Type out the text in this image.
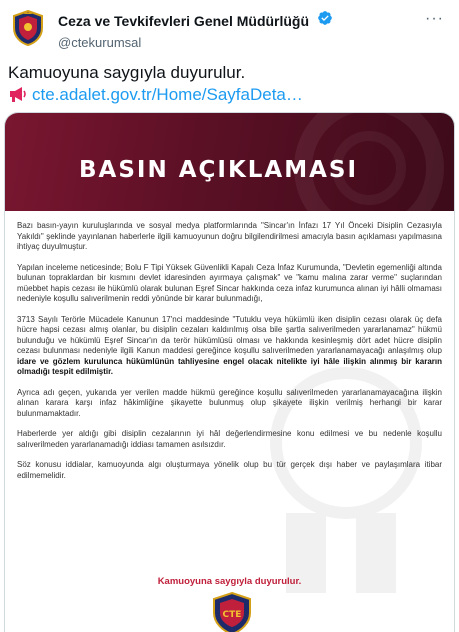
Ceza ve Tevkifevleri Genel Müdürlüğü
@ctekurumsal
···
Kamuoyuna saygıyla duyurulur.
cte.adalet.gov.tr/Home/SayfaDeta…
BASIN AÇIKLAMASI

Bazı basın-yayın kuruluşlarında ve sosyal medya platformlarında "Sincar'ın İnfazı 17 Yıl Önceki Disiplin Cezasıyla Yakıldı" şeklinde yayınlanan haberlerle ilgili kamuoyunun doğru bilgilendirilmesi amacıyla basın açıklaması yapılmasına ihtiyaç duyulmuştur.

Yapılan inceleme neticesinde; Bolu F Tipi Yüksek Güvenlikli Kapalı Ceza İnfaz Kurumunda, "Devletin egemenliği altında bulunan topraklardan bir kısmını devlet idaresinden ayırmaya çalışmak" ve "kamu malına zarar verme" suçlarından müebbet hapis cezası ile hükümlü olarak bulunan Eşref Sincar hakkında ceza infaz kurumunca alınan iyi hâlli olmaması nedeniyle koşullu salıverilmenin reddi yönünde bir karar bulunmadığı,

3713 Sayılı Terörle Mücadele Kanunun 17'nci maddesinde "Tutuklu veya hükümlü iken disiplin cezası olarak üç defa hücre hapsi cezası almış olanlar, bu disiplin cezaları kaldırılmış olsa bile şartla salıverilmeden yararlanamaz" hükmü bulunduğu ve hükümlü Eşref Sincar'ın da terör hükümlüsü olması ve hakkında kesinleşmiş dört adet hücre disiplin cezası bulunması nedeniyle ilgili Kanun maddesi gereğince koşullu salıverilmeden yararlanamayacağı anlaşılmış olup idare ve gözlem kurulunca hükümlünün tahliyesine engel olacak nitelikte iyi hâle ilişkin alınmış bir kararın olmadığı tespit edilmiştir.

Ayrıca adı geçen, yukarıda yer verilen madde hükmü gereğince koşullu salıverilmeden yararlanamayacağına ilişkin alınan karara karşı infaz hâkimliğine şikayette bulunmuş olup şikayete ilişkin verilmiş herhangi bir karar bulunmamaktadır.

Haberlerde yer aldığı gibi disiplin cezalarının iyi hâl değerlendirmesine konu edilmesi ve bu nedenle koşullu salıverilmeden yararlanamadığı iddiası tamamen asılsızdır.

Söz konusu iddialar, kamuoyunda algı oluşturmaya yönelik olup bu tür gerçek dışı haber ve paylaşımlara itibar edilmemelidir.

Kamuoyuna saygıyla duyurulur.
CTE
